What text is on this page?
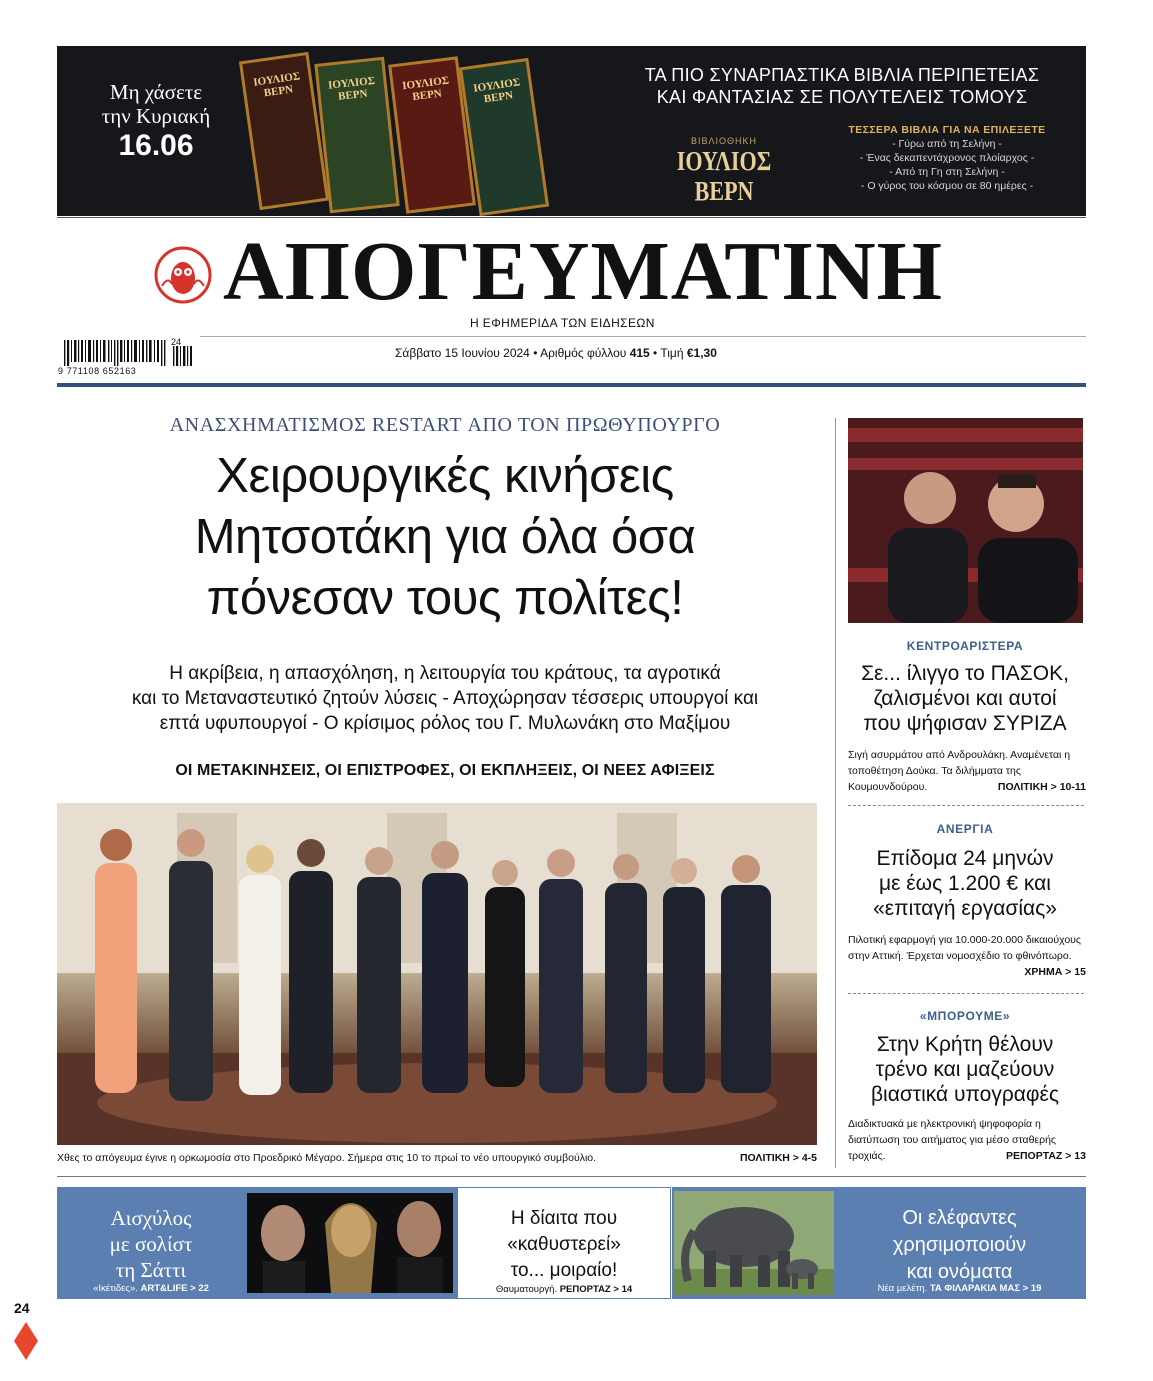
Μη χάσετε
την Κυριακή
16.06
ΙΟΥΛΙΟΣ ΒΕΡΝ	ΙΟΥΛΙΟΣ ΒΕΡΝ
ΙΟΥΛΙΟΣ ΒΕΡΝ
ΙΟΥΛΙΟΣ ΒΕΡΝ
ΤΑ ΠΙΟ ΣΥΝΑΡΠΑΣΤΙΚΑ ΒΙΒΛΙΑ ΠΕΡΙΠΕΤΕΙΑΣ
ΚΑΙ ΦΑΝΤΑΣΙΑΣ ΣΕ ΠΟΛΥΤΕΛΕΙΣ ΤΟΜΟΥΣ
ΒΙΒΛΙΟΘΗΚΗ
ΙΟΥΛΙΟΣ ΒΕΡΝ
ΤΕΣΣΕΡΑ ΒΙΒΛΙΑ ΓΙΑ ΝΑ ΕΠΙΛΕΞΕΤΕ
- Γύρω από τη Σελήνη -
- Ένας δεκαπεντάχρονος πλοίαρχος -
- Από τη Γη στη Σελήνη -
- Ο γύρος του κόσμου σε 80 ημέρες -
ΑΠΟΓΕΥΜΑΤΙΝΗ
Η ΕΦΗΜΕΡΙΔΑ ΤΩΝ ΕΙΔΗΣΕΩΝ
9 771108 652163
24
Σάββατο 15 Ιουνίου 2024 • Αριθμός φύλλου 415 • Τιμή €1,30
ΑΝΑΣΧΗΜΑΤΙΣΜΟΣ RESTART ΑΠΟ ΤΟΝ ΠΡΩΘΥΠΟΥΡΓΟ
Χειρουργικές κινήσεις
Μητσοτάκη για όλα όσα
πόνεσαν τους πολίτες!
Η ακρίβεια, η απασχόληση, η λειτουργία του κράτους, τα αγροτικά
και το Μεταναστευτικό ζητούν λύσεις - Αποχώρησαν τέσσερις υπουργοί και
επτά υφυπουργοί - Ο κρίσιμος ρόλος του Γ. Μυλωνάκη στο Μαξίμου
ΟΙ ΜΕΤΑΚΙΝΗΣΕΙΣ, ΟΙ ΕΠΙΣΤΡΟΦΕΣ, ΟΙ ΕΚΠΛΗΞΕΙΣ, ΟΙ ΝΕΕΣ ΑΦΙΞΕΙΣ
Χθες το απόγευμα έγινε η ορκωμοσία στο Προεδρικό Μέγαρο. Σήμερα στις 10 το πρωί το νέο υπουργικό συμβούλιο.	ΠΟΛΙΤΙΚΗ > 4-5
ΚΕΝΤΡΟΑΡΙΣΤΕΡΑ
Σε... ίλιγγο το ΠΑΣΟΚ,
ζαλισμένοι και αυτοί
που ψήφισαν ΣΥΡΙΖΑ
Σιγή ασυρμάτου από Ανδρουλάκη. Αναμένεται η τοποθέτηση Δούκα. Τα διλήμματα της Κουμουνδούρου.	ΠΟΛΙΤΙΚΗ > 10-11
ΑΝΕΡΓΙΑ
Επίδομα 24 μηνών
με έως 1.200 € και
«επιταγή εργασίας»
Πιλοτική εφαρμογή για 10.000-20.000 δικαιούχους στην Αττική. Έρχεται νομοσχέδιο το φθινόπωρο.
ΧΡΗΜΑ > 15
«ΜΠΟΡΟΥΜΕ»
Στην Κρήτη θέλουν
τρένο και μαζεύουν
βιαστικά υπογραφές
Διαδικτυακά με ηλεκτρονική ψηφοφορία η διατύπωση του αιτήματος για μέσο σταθερής τροχιάς.	ΡΕΠΟΡΤΑΖ > 13
Αισχύλος
με σολίστ
τη Σάττι
«Ικέτιδες». ART&LIFE > 22
Η δίαιτα που
«καθυστερεί»
το... μοιραίο!
Θαυματουργή. ΡΕΠΟΡΤΑΖ > 14
Οι ελέφαντες
χρησιμοποιούν
και ονόματα
Νέα μελέτη. ΤΑ ΦΙΛΑΡΑΚΙΑ ΜΑΣ > 19
24
